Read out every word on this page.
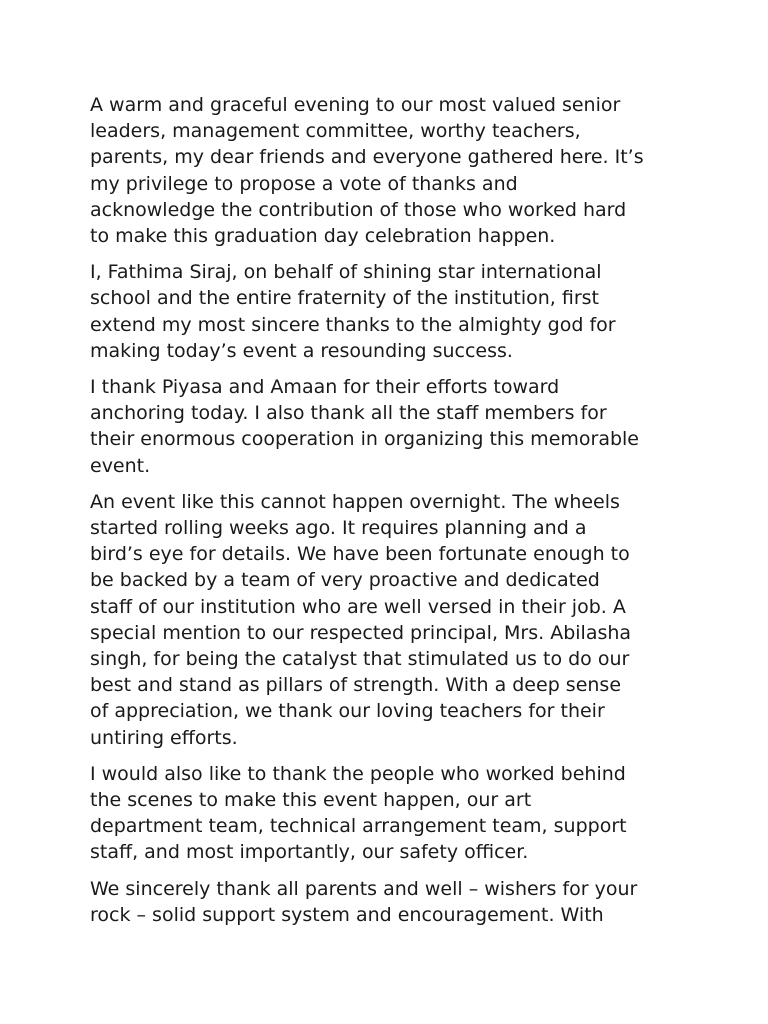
A warm and graceful evening to our most valued senior
leaders, management committee, worthy teachers,
parents, my dear friends and everyone gathered here. It’s
my privilege to propose a vote of thanks and
acknowledge the contribution of those who worked hard
to make this graduation day celebration happen.

I, Fathima Siraj, on behalf of shining star international
school and the entire fraternity of the institution, first
extend my most sincere thanks to the almighty god for
making today’s event a resounding success.

I thank Piyasa and Amaan for their efforts toward
anchoring today. I also thank all the staff members for
their enormous cooperation in organizing this memorable
event.

An event like this cannot happen overnight. The wheels
started rolling weeks ago. It requires planning and a
bird’s eye for details. We have been fortunate enough to
be backed by a team of very proactive and dedicated
staff of our institution who are well versed in their job. A
special mention to our respected principal, Mrs. Abilasha
singh, for being the catalyst that stimulated us to do our
best and stand as pillars of strength. With a deep sense
of appreciation, we thank our loving teachers for their
untiring efforts.

I would also like to thank the people who worked behind
the scenes to make this event happen, our art
department team, technical arrangement team, support
staff, and most importantly, our safety officer.

We sincerely thank all parents and well – wishers for your
rock – solid support system and encouragement. With
